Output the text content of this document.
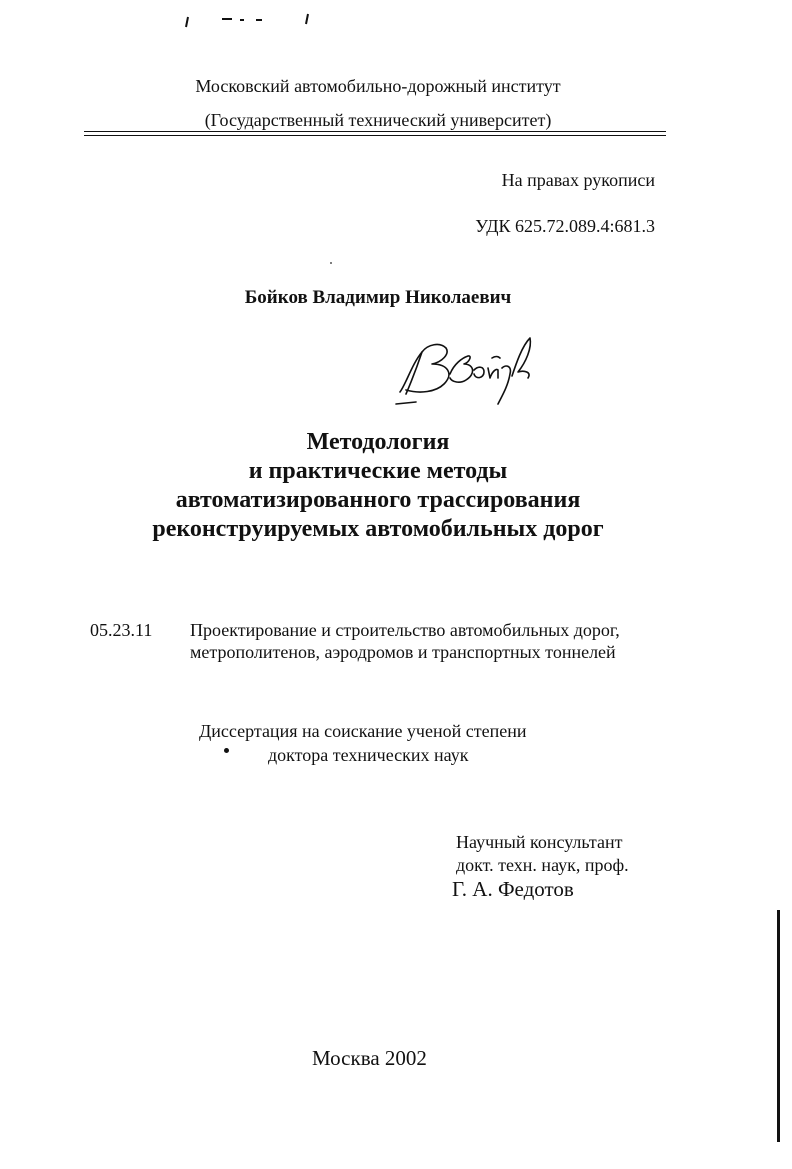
Московский автомобильно-дорожный институт

(Государственный технический университет)

На правах рукописи

УДК 625.72.089.4:681.3

Бойков Владимир Николаевич

Методология
и практические методы
автоматизированного трассирования
реконструируемых автомобильных дорог

05.23.11 Проектирование и строительство автомобильных дорог,

метрополитенов, аэродромов и транспортных тоннелей

Диссертация на соискание ученой степени

доктора технических наук

Научный консультант

докт. техн. наук, проф.

Г. А. Федотов

Москва 2002
